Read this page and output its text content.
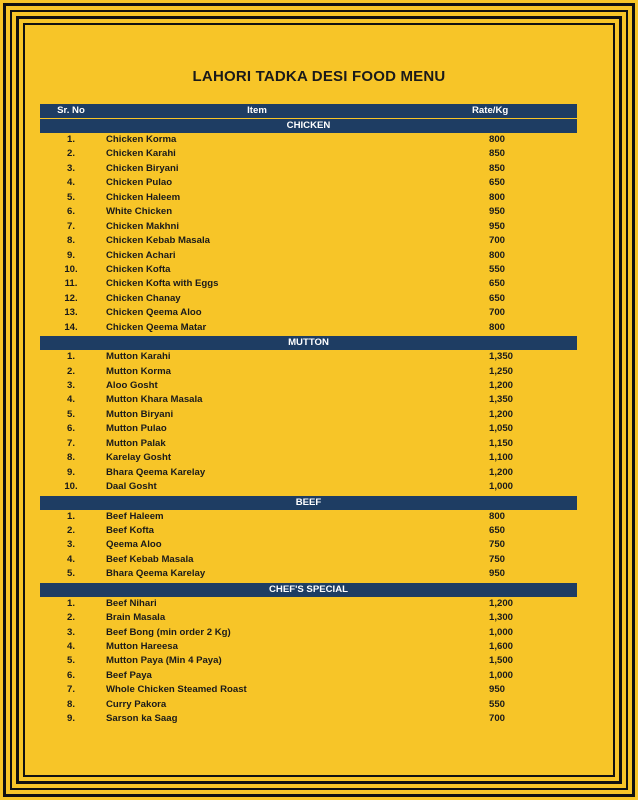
LAHORI TADKA DESI FOOD MENU
Sr. No	Item	Rate/Kg
CHICKEN
1.	Chicken Korma	800
2.	Chicken Karahi	850
3.	Chicken Biryani	850
4.	Chicken Pulao	650
5.	Chicken Haleem	800
6.	White Chicken	950
7.	Chicken Makhni	950
8.	Chicken Kebab Masala	700
9.	Chicken Achari	800
10.	Chicken Kofta	550
11.	Chicken Kofta with Eggs	650
12.	Chicken Chanay	650
13.	Chicken Qeema Aloo	700
14.	Chicken Qeema Matar	800
MUTTON
1.	Mutton Karahi	1,350
2.	Mutton Korma	1,250
3.	Aloo Gosht	1,200
4.	Mutton Khara Masala	1,350
5.	Mutton Biryani	1,200
6.	Mutton Pulao	1,050
7.	Mutton Palak	1,150
8.	Karelay Gosht	1,100
9.	Bhara Qeema Karelay	1,200
10.	Daal Gosht	1,000
BEEF
1.	Beef Haleem	800
2.	Beef Kofta	650
3.	Qeema Aloo	750
4.	Beef Kebab Masala	750
5.	Bhara Qeema Karelay	950
CHEF'S SPECIAL
1.	Beef Nihari	1,200
2.	Brain Masala	1,300
3.	Beef Bong (min order 2 Kg)	1,000
4.	Mutton Hareesa	1,600
5.	Mutton Paya (Min 4 Paya)	1,500
6.	Beef Paya	1,000
7.	Whole Chicken Steamed Roast	950
8.	Curry Pakora	550
9.	Sarson ka Saag	700
